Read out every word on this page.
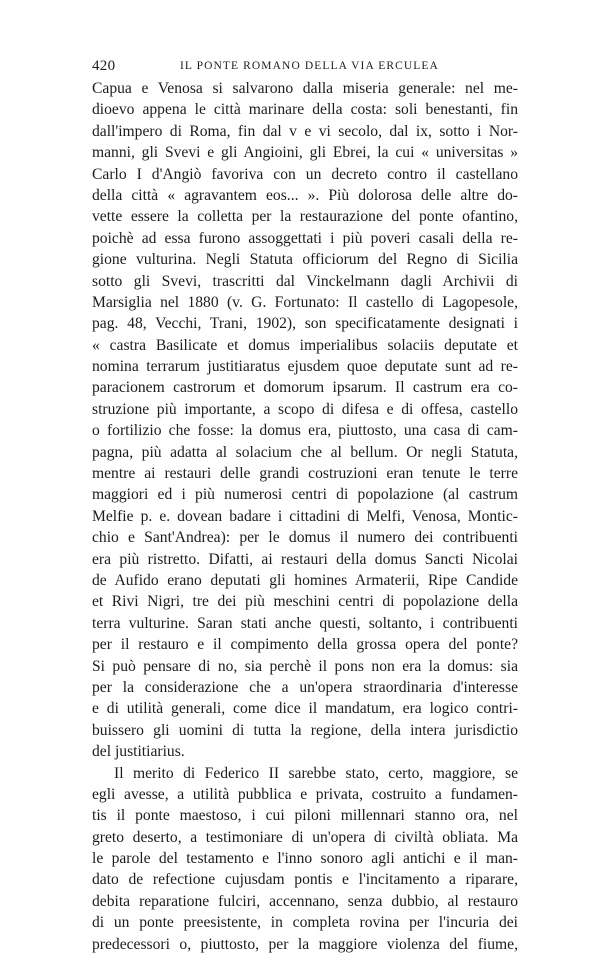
420	IL PONTE ROMANO DELLA VIA ERCULEA
Capua e Venosa si salvarono dalla miseria generale: nel me-
dioevo appena le città marinare della costa: soli benestanti, fin
dall'impero di Roma, fin dal v e vi secolo, dal ix, sotto i Nor-
manni, gli Svevi e gli Angioini, gli Ebrei, la cui « universitas »
Carlo I d'Angiò favoriva con un decreto contro il castellano
della città « agravantem eos... ». Più dolorosa delle altre do-
vette essere la colletta per la restaurazione del ponte ofantino,
poichè ad essa furono assoggettati i più poveri casali della re-
gione vulturina. Negli Statuta officiorum del Regno di Sicilia
sotto gli Svevi, trascritti dal Vinckelmann dagli Archivii di
Marsiglia nel 1880 (v. G. Fortunato: Il castello di Lagopesole,
pag. 48, Vecchi, Trani, 1902), son specificatamente designati i
« castra Basilicate et domus imperialibus solaciis deputate et
nomina terrarum justitiaratus ejusdem quoe deputate sunt ad re-
paracionem castrorum et domorum ipsarum. Il castrum era co-
struzione più importante, a scopo di difesa e di offesa, castello
o fortilizio che fosse: la domus era, piuttosto, una casa di cam-
pagna, più adatta al solacium che al bellum. Or negli Statuta,
mentre ai restauri delle grandi costruzioni eran tenute le terre
maggiori ed i più numerosi centri di popolazione (al castrum
Melfie p. e. dovean badare i cittadini di Melfi, Venosa, Montic-
chio e Sant'Andrea): per le domus il numero dei contribuenti
era più ristretto. Difatti, ai restauri della domus Sancti Nicolai
de Aufido erano deputati gli homines Armaterii, Ripe Candide
et Rivi Nigri, tre dei più meschini centri di popolazione della
terra vulturine. Saran stati anche questi, soltanto, i contribuenti
per il restauro e il compimento della grossa opera del ponte?
Si può pensare di no, sia perchè il pons non era la domus: sia
per la considerazione che a un'opera straordinaria d'interesse
e di utilità generali, come dice il mandatum, era logico contri-
buissero gli uomini di tutta la regione, della intera jurisdictio
del justitiarius.
Il merito di Federico II sarebbe stato, certo, maggiore, se
egli avesse, a utilità pubblica e privata, costruito a fundamen-
tis il ponte maestoso, i cui piloni millennari stanno ora, nel
greto deserto, a testimoniare di un'opera di civiltà obliata. Ma
le parole del testamento e l'inno sonoro agli antichi e il man-
dato de refectione cujusdam pontis e l'incitamento a riparare,
debita reparatione fulciri, accennano, senza dubbio, al restauro
di un ponte preesistente, in completa rovina per l'incuria dei
predecessori o, piuttosto, per la maggiore violenza del fiume,
